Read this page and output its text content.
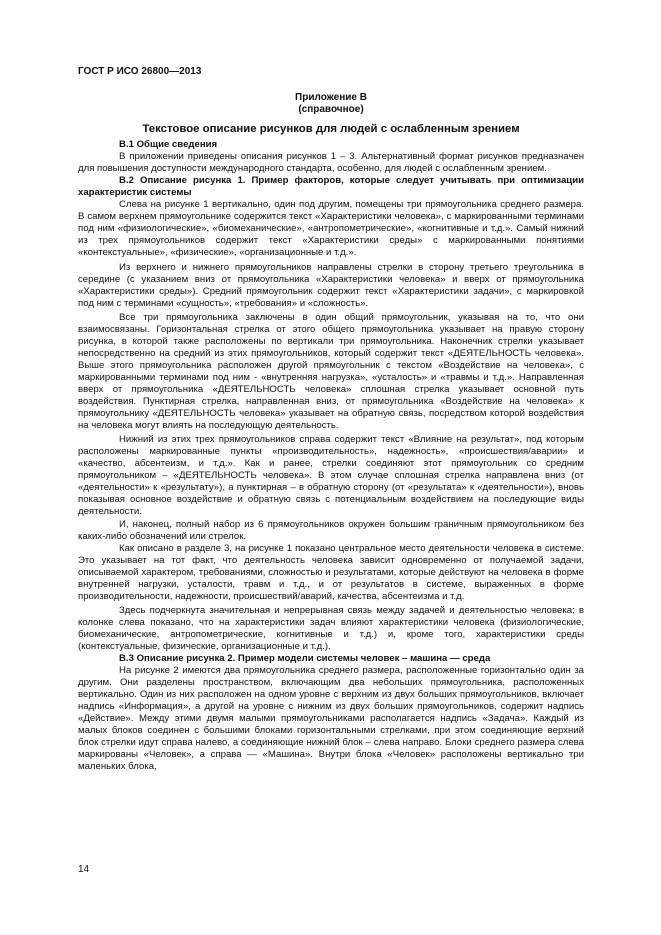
ГОСТ Р ИСО 26800—2013

Приложение В

(справочное)

Текстовое описание рисунков для людей с ослабленным зрением

В.1 Общие сведения

В приложении приведены описания рисунков 1 – 3. Альтернативный формат рисунков предназначен для повышения доступности международного стандарта, особенно, для людей с ослабленным зрением.

В.2 Описание рисунка 1. Пример факторов, которые следует учитывать при оптимизации характеристик системы

Слева на рисунке 1 вертикально, один под другим, помещены три прямоугольника среднего размера. В самом верхнем прямоугольнике содержится текст «Характеристики человека», с маркированными терминами под ним «физиологические», «биомеханические», «антропометрические», «когнитивные и т.д.». Самый нижний из трех прямоугольников содержит текст «Характеристики среды» с маркированными понятиями «контекстуальные», «физические», «организационные и т.д.».

Из верхнего и нижнего прямоугольников направлены стрелки в сторону третьего треугольника в середине (с указанием вниз от прямоугольника «Характеристики человека» и вверх от прямоугольника «Характеристики среды»). Средний прямоугольник содержит текст «Характеристики задачи», с маркировкой под ним с терминами «сущность», «требования» и «сложность».

Все три прямоугольника заключены в один общий прямоугольник, указывая на то, что они взаимосвязаны. Горизонтальная стрелка от этого общего прямоугольника указывает на правую сторону рисунка, в которой также расположены по вертикали три прямоугольника. Наконечник стрелки указывает непосредственно на средний из этих прямоугольников, который содержит текст «ДЕЯТЕЛЬНОСТЬ человека». Выше этого прямоугольника расположен другой прямоугольник с текстом «Воздействие на человека», с маркированными терминами под ним - «внутренняя нагрузка», «усталость» и «травмы и т.д.». Направленная вверх от прямоугольника «ДЕЯТЕЛЬНОСТЬ человека» сплошная стрелка указывает основной путь воздействия. Пунктирная стрелка, направленная вниз, от прямоугольника «Воздействие на человека» к прямоугольнику «ДЕЯТЕЛЬНОСТЬ человека» указывает на обратную связь, посредством которой воздействия на человека могут влиять на последующую деятельность.

Нижний из этих трех прямоугольников справа содержит текст «Влияние на результат», под которым расположены маркированные пункты «производительность», надежность», «происшествия/аварии» и «качество, абсентеизм, и т.д.». Как и ранее, стрелки соединяют этот прямоугольник со средним прямоугольником – «ДЕЯТЕЛЬНОСТЬ человека». В этом случае сплошная стрелка направлена вниз (от «деятельности» к «результату»), а пунктирная – в обратную сторону (от «результата» к «деятельности»), вновь показывая основное воздействие и обратную связь с потенциальным воздействием на последующие виды деятельности.

И, наконец, полный набор из 6 прямоугольников окружен большим граничным прямоугольником без каких-либо обозначений или стрелок.

Как описано в разделе 3, на рисунке 1 показано центральное место деятельности человека в системе. Это указывает на тот факт, что деятельность человека зависит одновременно от получаемой задачи, описываемой характером, требованиями, сложностью и результатами, которые действуют на человека в форме внутренней нагрузки, усталости, травм и т.д., и от результатов в системе, выраженных в форме производительности, надежности, происшествий/аварий, качества, абсентеизма и т.д.

Здесь подчеркнута значительная и непрерывная связь между задачей и деятельностью человека; в колонке слева показано, что на характеристики задач влияют характеристики человека (физиологические, биомеханические, антропометрические, когнитивные и т.д.) и, кроме того, характеристики среды (контекстуальные, физические, организационные и т.д.).

В.3 Описание рисунка 2. Пример модели системы человек – машина — среда

На рисунке 2 имеются два прямоугольника среднего размера, расположенные горизонтально один за другим. Они разделены пространством, включающим два небольших прямоугольника, расположенных вертикально. Один из них расположен на одном уровне с верхним из двух больших прямоугольников, включает надпись «Информация», а другой на уровне с нижним из двух больших прямоугольников, содержит надпись «Действие». Между этими двумя малыми прямоугольниками располагается надпись «Задача». Каждый из малых блоков соединен с большими блоками горизонтальными стрелками, при этом соединяющие верхний блок стрелки идут справа налево, а соединяющие нижний блок – слева направо. Блоки среднего размера слева маркированы «Человек», а справа — «Машина». Внутри блока «Человек» расположены вертикально три маленьких блока,

14
